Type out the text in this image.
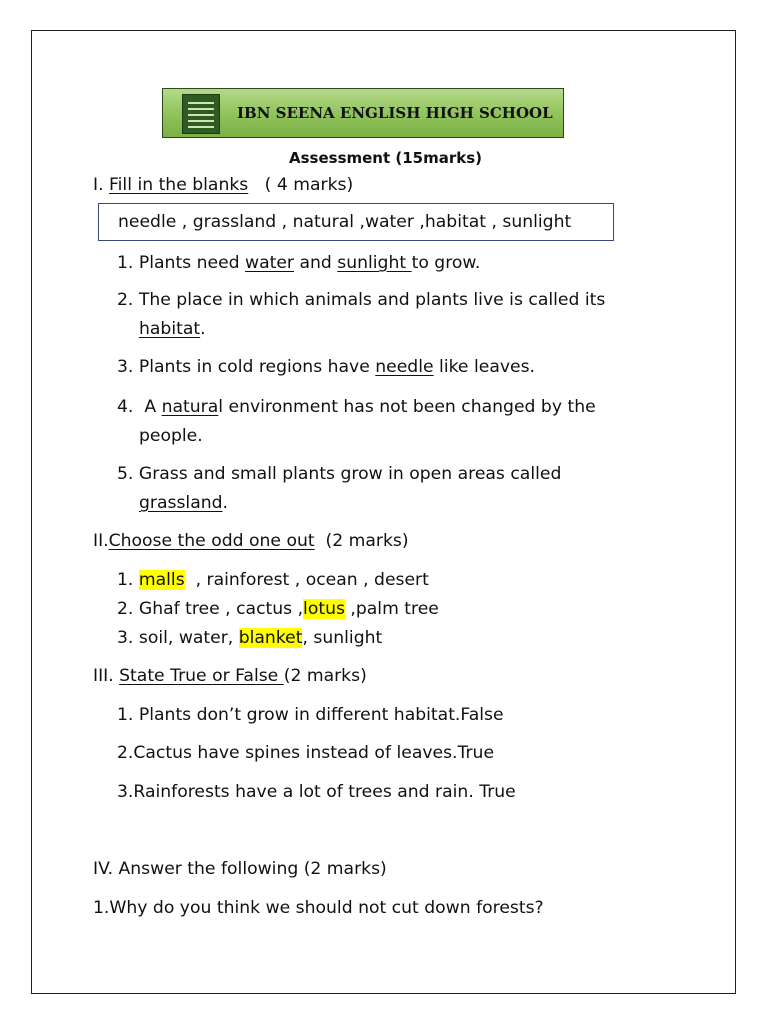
IBN SEENA ENGLISH HIGH SCHOOL
Assessment (15marks)
I. Fill in the blanks ( 4 marks)
needle , grassland , natural ,water ,habitat , sunlight
1. Plants need water and sunlight to grow.
2. The place in which animals and plants live is called its
habitat.
3. Plants in cold regions have needle like leaves.
4. A natural environment has not been changed by the
people.
5. Grass and small plants grow in open areas called
grassland.
II.Choose the odd one out (2 marks)
1. malls  , rainforest , ocean , desert
2. Ghaf tree , cactus ,lotus ,palm tree
3. soil, water, blanket, sunlight
III. State True or False (2 marks)
1. Plants don’t grow in different habitat.False
2.Cactus have spines instead of leaves.True
3.Rainforests have a lot of trees and rain. True
IV. Answer the following (2 marks)
1.Why do you think we should not cut down forests?
